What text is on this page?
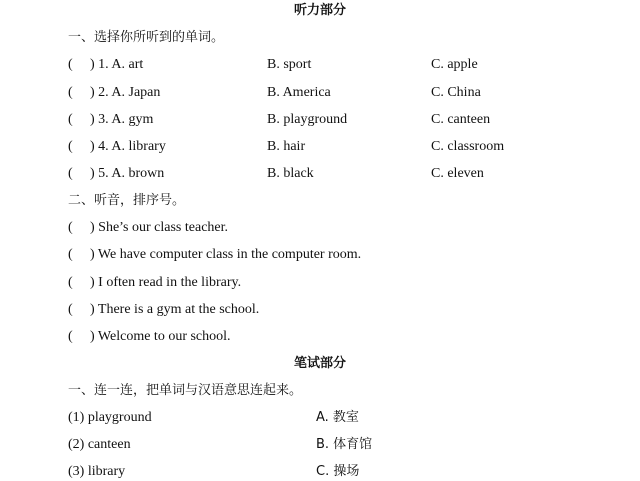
听力部分
一、选择你所听到的单词。
( ) 1. A. art	B. sport	C. apple
( ) 2. A. Japan	B. America	C. China
( ) 3. A. gym	B. playground	C. canteen
( ) 4. A. library	B. hair	C. classroom
( ) 5. A. brown	B. black	C. eleven
二、听音，排序号。
( ) She’s our class teacher.
( ) We have computer class in the computer room.
( ) I often read in the library.
( ) There is a gym at the school.
( ) Welcome to our school.
笔试部分
一、连一连，把单词与汉语意思连起来。
(1) playground	A. 教室
(2) canteen	B. 体育馆
(3) library	C. 操场
